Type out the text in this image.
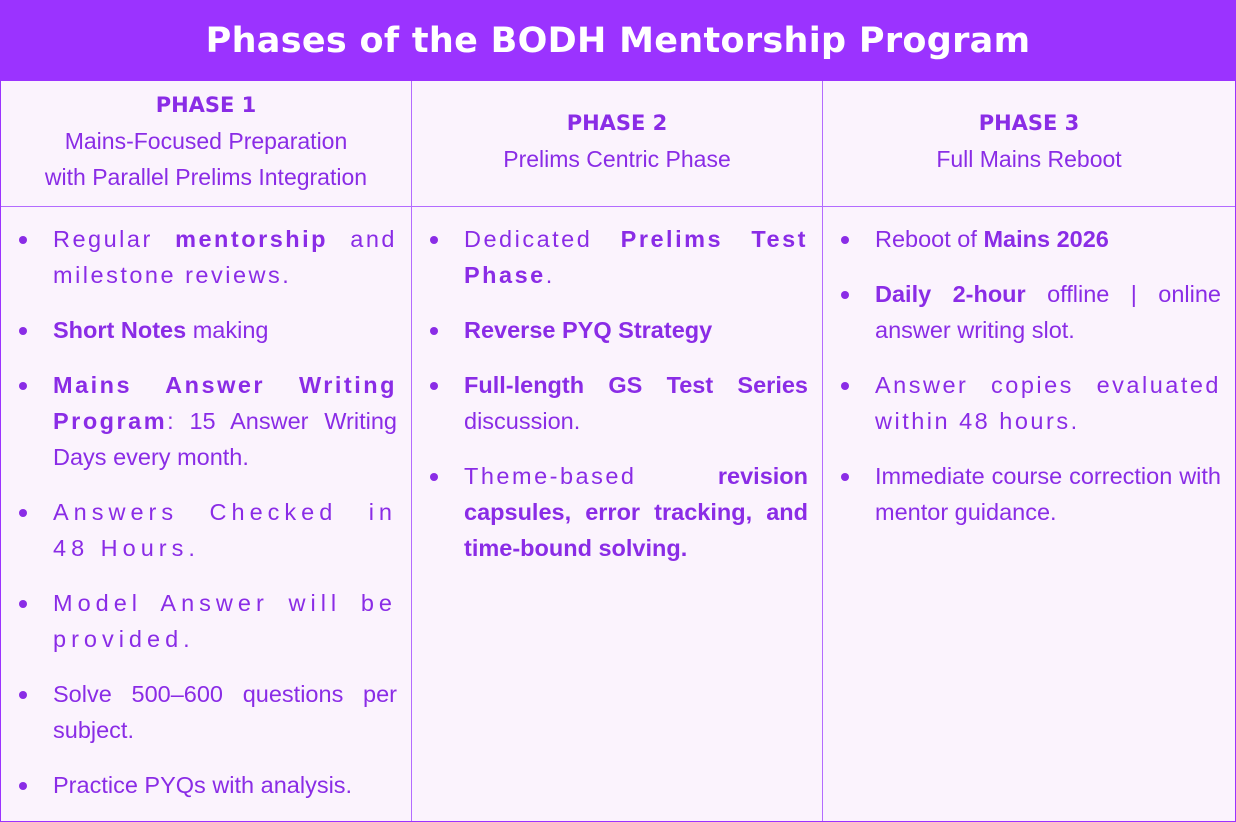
Phases of the BODH Mentorship Program
PHASE 1
Mains-Focused Preparation
with Parallel Prelims Integration
PHASE 2
Prelims Centric Phase
PHASE 3
Full Mains Reboot
Regular mentorship and milestone reviews.
Short Notes making
Mains Answer Writing Program: 15 Answer Writing Days every month.
Answers Checked in 48 Hours.
Model Answer will be provided.
Solve 500–600 questions per subject.
Practice PYQs with analysis.
Dedicated Prelims Test Phase.
Reverse PYQ Strategy
Full-length GS Test Series discussion.
Theme-based revision capsules, error tracking, and time-bound solving.
Reboot of Mains 2026
Daily 2-hour offline | online answer writing slot.
Answer copies evaluated within 48 hours.
Immediate course correction with mentor guidance.
